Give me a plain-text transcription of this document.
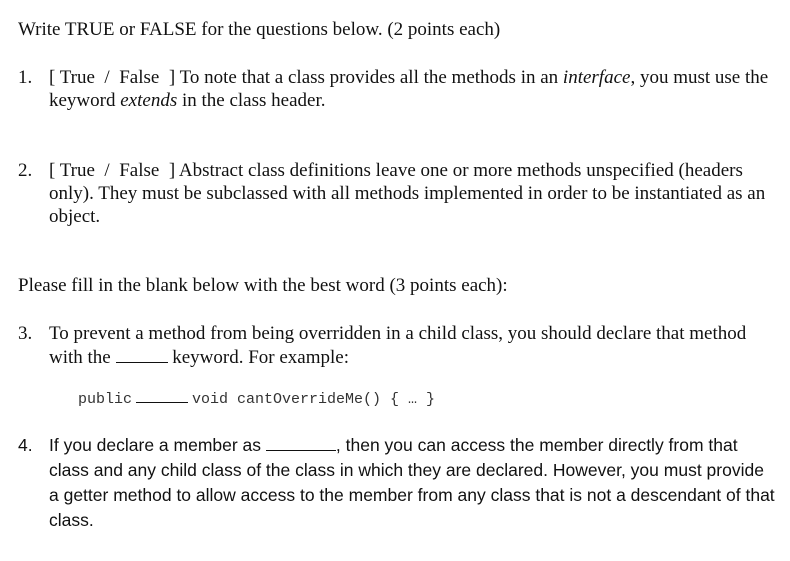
Write TRUE or FALSE for the questions below. (2 points each)
1. [ True  /  False  ] To note that a class provides all the methods in an interface, you must use the keyword extends in the class header.
2. [ True  /  False  ] Abstract class definitions leave one or more methods unspecified (headers only). They must be subclassed with all methods implemented in order to be instantiated as an object.
Please fill in the blank below with the best word (3 points each):
3. To prevent a method from being overridden in a child class, you should declare that method with the	keyword. For example:
public	void cantOverrideMe() { … }
4. If you declare a member as	, then you can access the member directly from that class and any child class of the class in which they are declared. However, you must provide a getter method to allow access to the member from any class that is not a descendant of that class.
